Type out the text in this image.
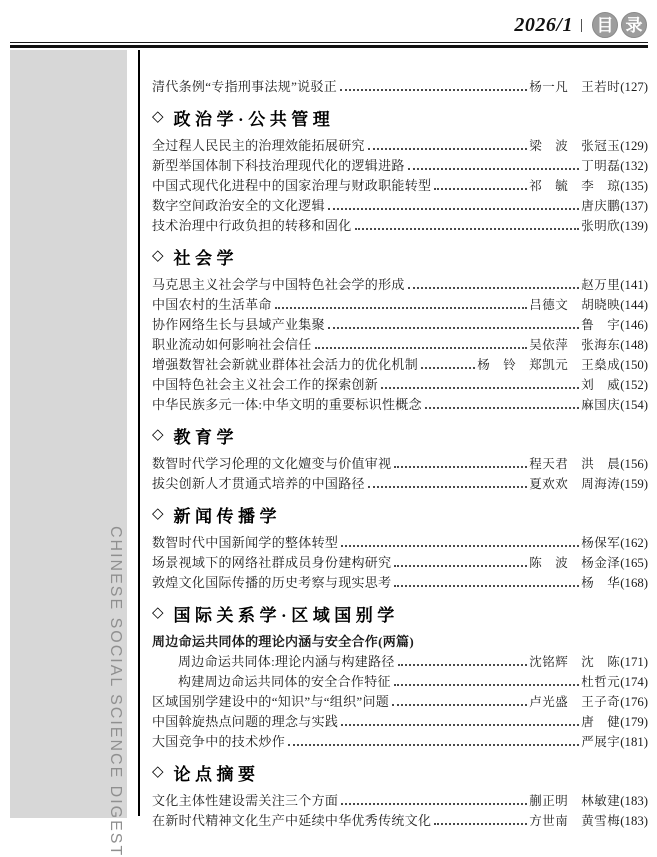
2026/1 | 目 录
CHINESE SOCIAL SCIENCE DIGEST
清代条例“专指刑事法规”说驳正	杨一凡　王若时 (127)
◇ 政治学·公共管理
全过程人民民主的治理效能拓展研究	梁　波　张冠玉 (129)
新型举国体制下科技治理现代化的逻辑进路	丁明磊 (132)
中国式现代化进程中的国家治理与财政职能转型	祁　毓　李　琼 (135)
数字空间政治安全的文化逻辑	唐庆鹏 (137)
技术治理中行政负担的转移和固化	张明欣 (139)
◇ 社会学
马克思主义社会学与中国特色社会学的形成	赵万里 (141)
中国农村的生活革命	吕德文　胡晓映 (144)
协作网络生长与县域产业集聚	鲁　宇 (146)
职业流动如何影响社会信任	吴依萍　张海东 (148)
增强数智社会新就业群体社会活力的优化机制	杨　铃　郑凯元　王燊成 (150)
中国特色社会主义社会工作的探索创新	刘　威 (152)
中华民族多元一体:中华文明的重要标识性概念	麻国庆 (154)
◇ 教育学
数智时代学习伦理的文化嬗变与价值审视	程天君　洪　晨 (156)
拔尖创新人才贯通式培养的中国路径	夏欢欢　周海涛 (159)
◇ 新闻传播学
数智时代中国新闻学的整体转型	杨保军 (162)
场景视域下的网络社群成员身份建构研究	陈　波　杨金泽 (165)
敦煌文化国际传播的历史考察与现实思考	杨　华 (168)
◇ 国际关系学·区域国别学
周边命运共同体的理论内涵与安全合作(两篇)
周边命运共同体:理论内涵与构建路径	沈铭辉　沈　陈 (171)
构建周边命运共同体的安全合作特征	杜哲元 (174)
区域国别学建设中的“知识”与“组织”问题	卢光盛　王子奇 (176)
中国斡旋热点问题的理念与实践	唐　健 (179)
大国竞争中的技术炒作	严展宇 (181)
◇ 论点摘要
文化主体性建设需关注三个方面	蒯正明　林敏建 (183)
在新时代精神文化生产中延续中华优秀传统文化	方世南　黄雪梅 (183)
